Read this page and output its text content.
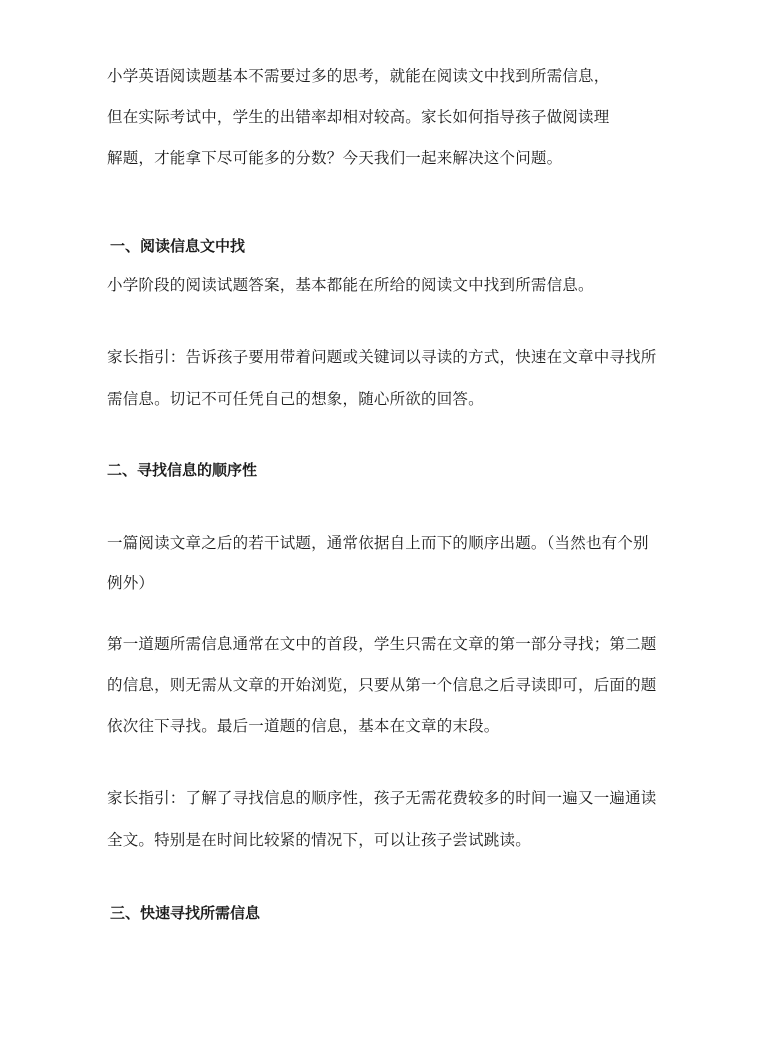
小学英语阅读题基本不需要过多的思考，就能在阅读文中找到所需信息，
但在实际考试中，学生的出错率却相对较高。家长如何指导孩子做阅读理
解题，才能拿下尽可能多的分数？今天我们一起来解决这个问题。
一、阅读信息文中找
小学阶段的阅读试题答案，基本都能在所给的阅读文中找到所需信息。
家长指引：告诉孩子要用带着问题或关键词以寻读的方式，快速在文章中寻找所
需信息。切记不可任凭自己的想象，随心所欲的回答。
二、寻找信息的顺序性
一篇阅读文章之后的若干试题，通常依据自上而下的顺序出题。（当然也有个别
例外）
第一道题所需信息通常在文中的首段，学生只需在文章的第一部分寻找；第二题
的信息，则无需从文章的开始浏览，只要从第一个信息之后寻读即可，后面的题
依次往下寻找。最后一道题的信息，基本在文章的末段。
家长指引：了解了寻找信息的顺序性，孩子无需花费较多的时间一遍又一遍通读
全文。特别是在时间比较紧的情况下，可以让孩子尝试跳读。
三、快速寻找所需信息
